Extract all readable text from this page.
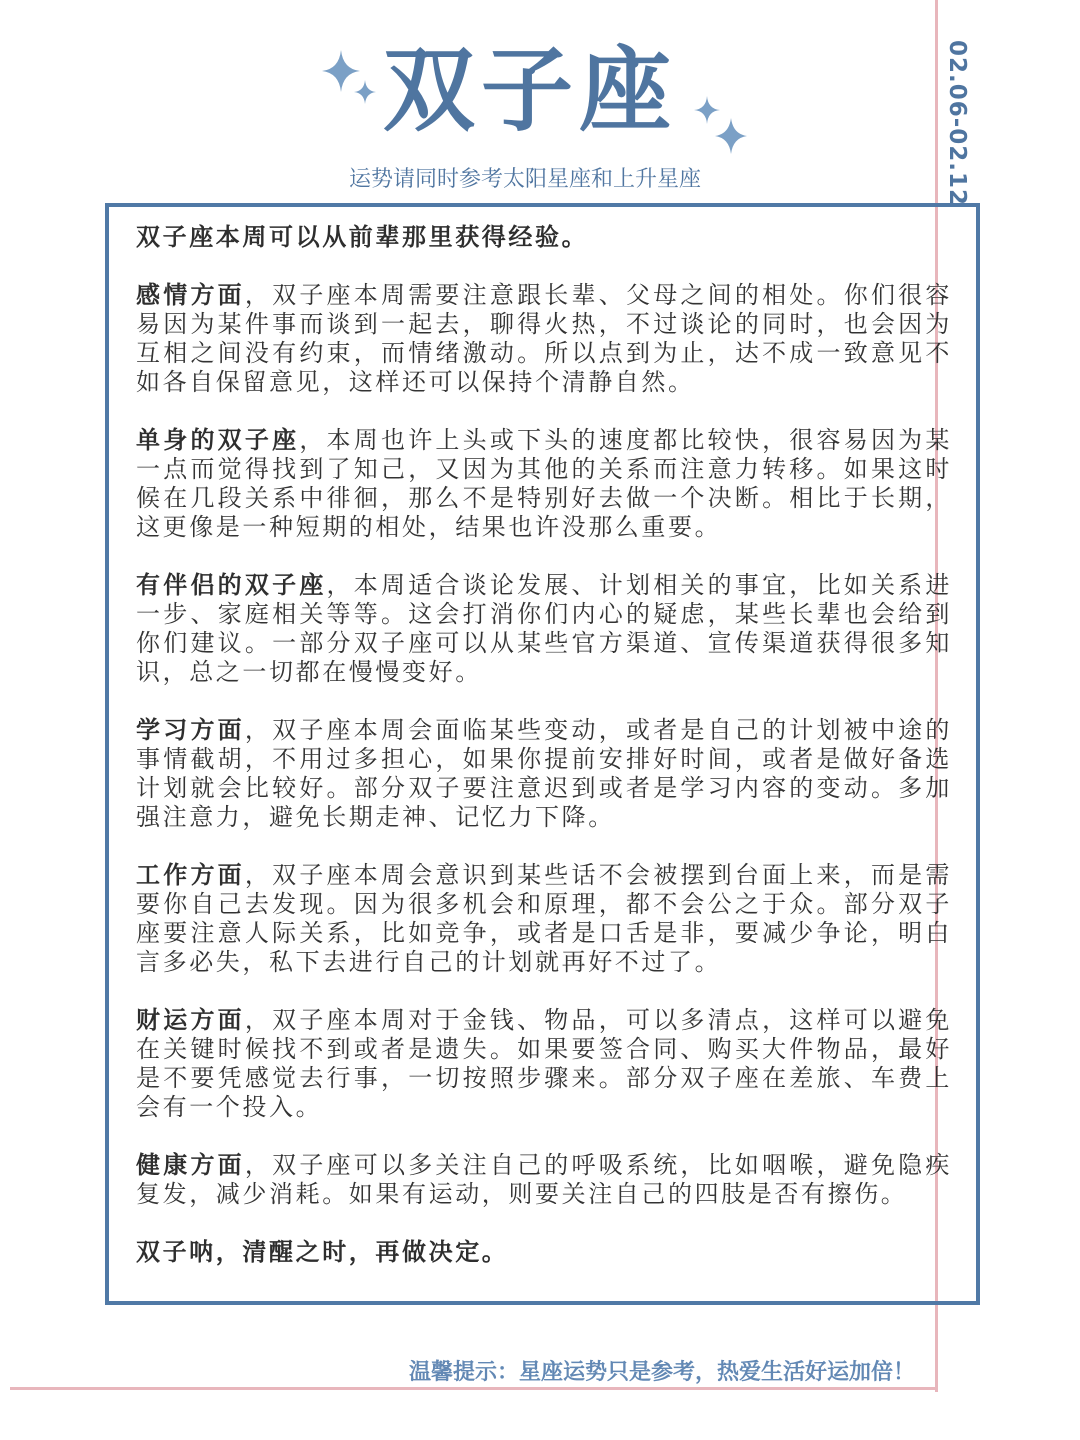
02.06-02.12

双子座

运势请同时参考太阳星座和上升星座

双子座本周可以从前辈那里获得经验。

感情方面，双子座本周需要注意跟长辈、父母之间的相处。你们很容易因为某件事而谈到一起去，聊得火热，不过谈论的同时，也会因为互相之间没有约束，而情绪激动。所以点到为止，达不成一致意见不如各自保留意见，这样还可以保持个清静自然。

单身的双子座，本周也许上头或下头的速度都比较快，很容易因为某一点而觉得找到了知己，又因为其他的关系而注意力转移。如果这时候在几段关系中徘徊，那么不是特别好去做一个决断。相比于长期，这更像是一种短期的相处，结果也许没那么重要。

有伴侣的双子座，本周适合谈论发展、计划相关的事宜，比如关系进一步、家庭相关等等。这会打消你们内心的疑虑，某些长辈也会给到你们建议。一部分双子座可以从某些官方渠道、宣传渠道获得很多知识，总之一切都在慢慢变好。

学习方面，双子座本周会面临某些变动，或者是自己的计划被中途的事情截胡，不用过多担心，如果你提前安排好时间，或者是做好备选计划就会比较好。部分双子要注意迟到或者是学习内容的变动。多加强注意力，避免长期走神、记忆力下降。

工作方面，双子座本周会意识到某些话不会被摆到台面上来，而是需要你自己去发现。因为很多机会和原理，都不会公之于众。部分双子座要注意人际关系，比如竞争，或者是口舌是非，要减少争论，明白言多必失，私下去进行自己的计划就再好不过了。

财运方面，双子座本周对于金钱、物品，可以多清点，这样可以避免在关键时候找不到或者是遗失。如果要签合同、购买大件物品，最好是不要凭感觉去行事，一切按照步骤来。部分双子座在差旅、车费上会有一个投入。

健康方面，双子座可以多关注自己的呼吸系统，比如咽喉，避免隐疾复发，减少消耗。如果有运动，则要关注自己的四肢是否有擦伤。

双子呐，清醒之时，再做决定。

温馨提示：星座运势只是参考，热爱生活好运加倍！
